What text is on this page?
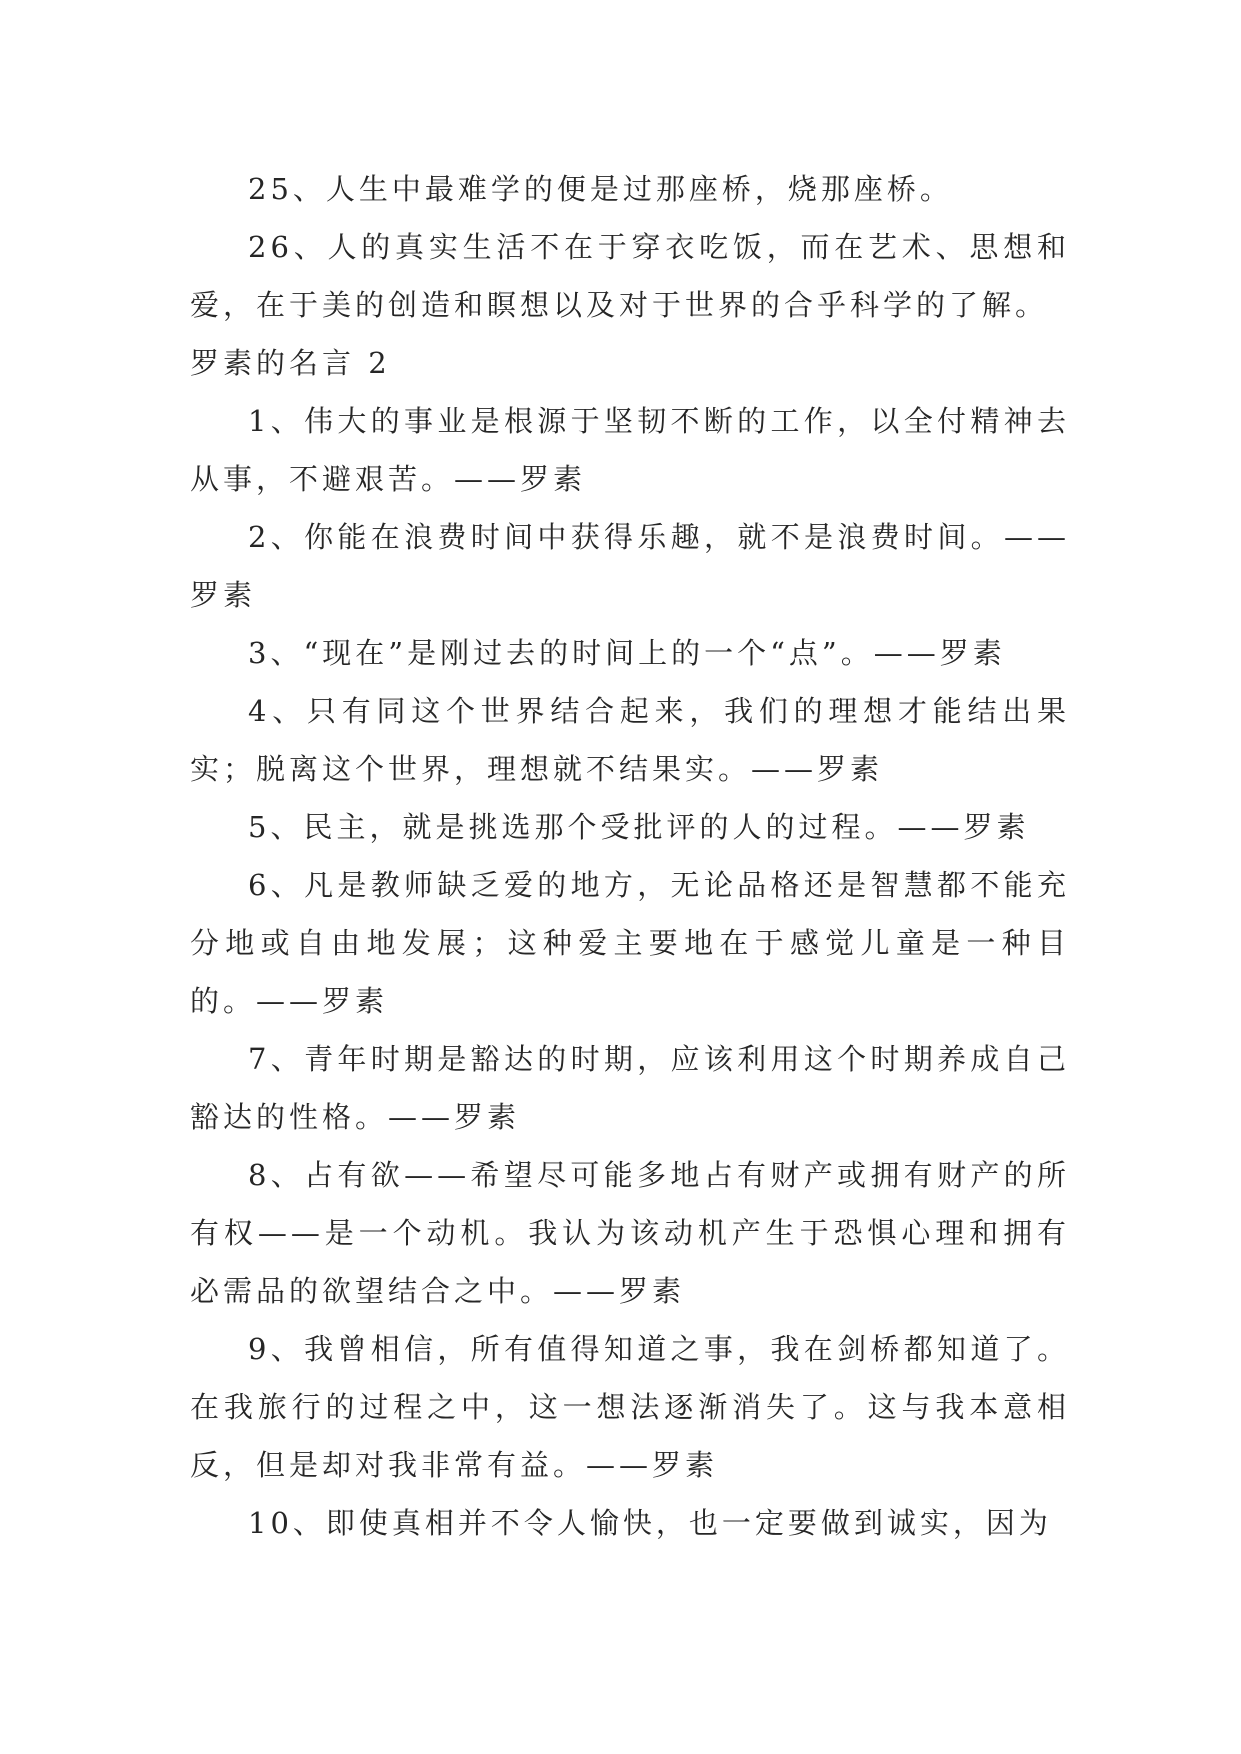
25、人生中最难学的便是过那座桥，烧那座桥。

26、人的真实生活不在于穿衣吃饭，而在艺术、思想和爱，在于美的创造和瞑想以及对于世界的合乎科学的了解。

罗素的名言 2

1、伟大的事业是根源于坚韧不断的工作，以全付精神去从事，不避艰苦。——罗素

2、你能在浪费时间中获得乐趣，就不是浪费时间。——罗素

3、“现在”是刚过去的时间上的一个“点”。——罗素

4、只有同这个世界结合起来，我们的理想才能结出果实；脱离这个世界，理想就不结果实。——罗素

5、民主，就是挑选那个受批评的人的过程。——罗素

6、凡是教师缺乏爱的地方，无论品格还是智慧都不能充分地或自由地发展；这种爱主要地在于感觉儿童是一种目的。——罗素

7、青年时期是豁达的时期，应该利用这个时期养成自己豁达的性格。——罗素

8、占有欲——希望尽可能多地占有财产或拥有财产的所有权——是一个动机。我认为该动机产生于恐惧心理和拥有必需品的欲望结合之中。——罗素

9、我曾相信，所有值得知道之事，我在剑桥都知道了。在我旅行的过程之中，这一想法逐渐消失了。这与我本意相反，但是却对我非常有益。——罗素

10、即使真相并不令人愉快，也一定要做到诚实，因为
